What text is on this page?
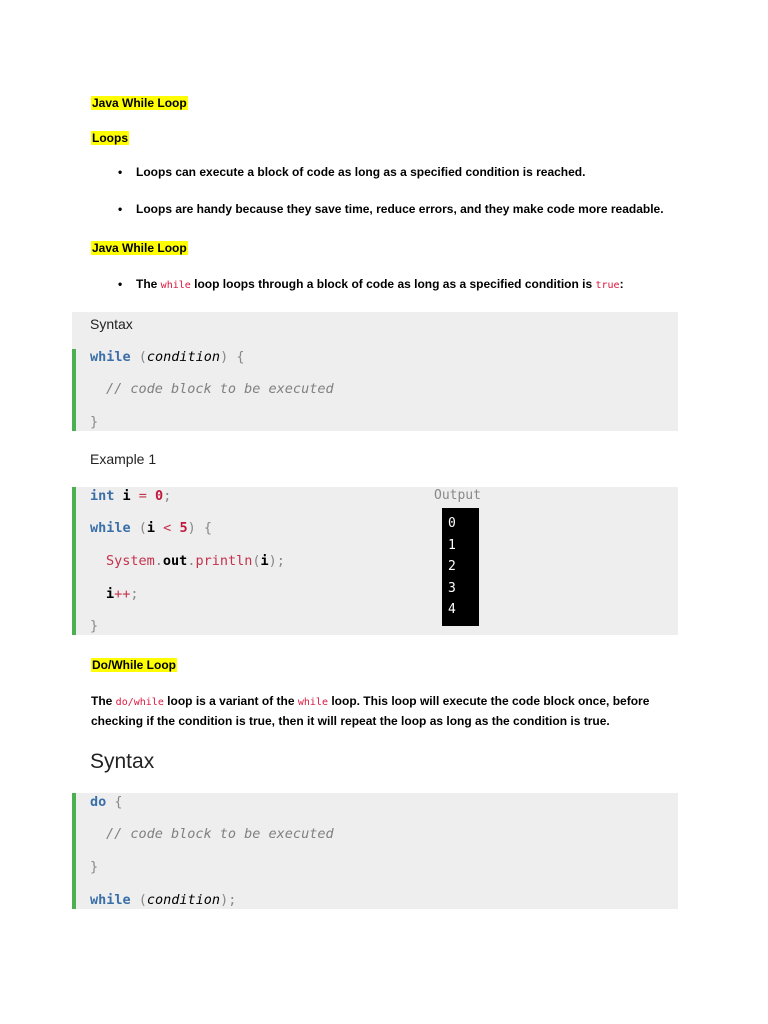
Java While Loop
Loops
• Loops can execute a block of code as long as a specified condition is reached.
• Loops are handy because they save time, reduce errors, and they make code more readable.
Java While Loop
• The while loop loops through a block of code as long as a specified condition is true:
Syntax
while (condition) {
// code block to be executed
}
Example 1
int i = 0;
while (i < 5) {
System.out.println(i);
i++;
}
Output
0
1
2
3
4
Do/While Loop
The do/while loop is a variant of the while loop. This loop will execute the code block once, before checking if the condition is true, then it will repeat the loop as long as the condition is true.
Syntax
do {
// code block to be executed
}
while (condition);
